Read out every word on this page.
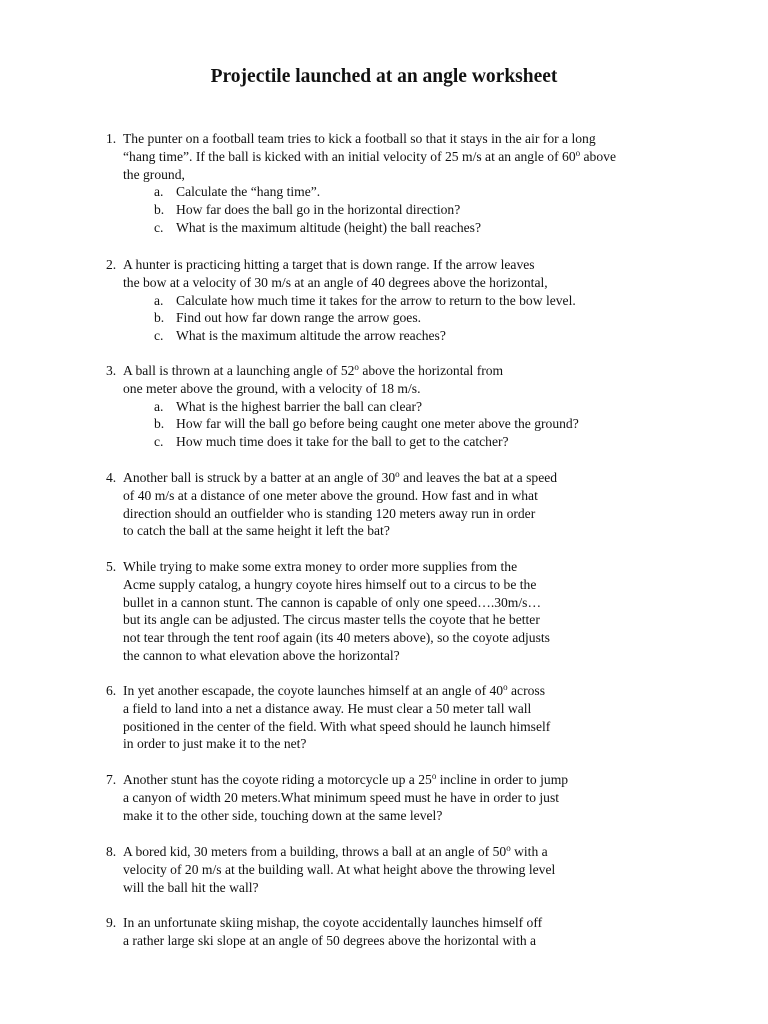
Projectile launched at an angle worksheet
1. The punter on a football team tries to kick a football so that it stays in the air for a long
“hang time”. If the ball is kicked with an initial velocity of 25 m/s at an angle of 60$^o$ above
the ground,
a. Calculate the “hang time”.
b. How far does the ball go in the horizontal direction?
c. What is the maximum altitude (height) the ball reaches?
2. A hunter is practicing hitting a target that is down range. If the arrow leaves
the bow at a velocity of 30 m/s at an angle of 40 degrees above the horizontal,
a. Calculate how much time it takes for the arrow to return to the bow level.
b. Find out how far down range the arrow goes.
c. What is the maximum altitude the arrow reaches?
3. A ball is thrown at a launching angle of 52$^o$ above the horizontal from
one meter above the ground, with a velocity of 18 m/s.
a. What is the highest barrier the ball can clear?
b. How far will the ball go before being caught one meter above the ground?
c. How much time does it take for the ball to get to the catcher?
4. Another ball is struck by a batter at an angle of 30$^o$ and leaves the bat at a speed
of 40 m/s at a distance of one meter above the ground. How fast and in what
direction should an outfielder who is standing 120 meters away run in order
to catch the ball at the same height it left the bat?
5. While trying to make some extra money to order more supplies from the
Acme supply catalog, a hungry coyote hires himself out to a circus to be the
bullet in a cannon stunt. The cannon is capable of only one speed….30m/s…
but its angle can be adjusted. The circus master tells the coyote that he better
not tear through the tent roof again (its 40 meters above), so the coyote adjusts
the cannon to what elevation above the horizontal?
6. In yet another escapade, the coyote launches himself at an angle of 40$^o$ across
a field to land into a net a distance away. He must clear a 50 meter tall wall
positioned in the center of the field. With what speed should he launch himself
in order to just make it to the net?
7. Another stunt has the coyote riding a motorcycle up a 25$^o$ incline in order to jump
a canyon of width 20 meters.What minimum speed must he have in order to just
make it to the other side, touching down at the same level?
8. A bored kid, 30 meters from a building, throws a ball at an angle of 50$^o$ with a
velocity of 20 m/s at the building wall. At what height above the throwing level
will the ball hit the wall?
9. In an unfortunate skiing mishap, the coyote accidentally launches himself off
a rather large ski slope at an angle of 50 degrees above the horizontal with a
